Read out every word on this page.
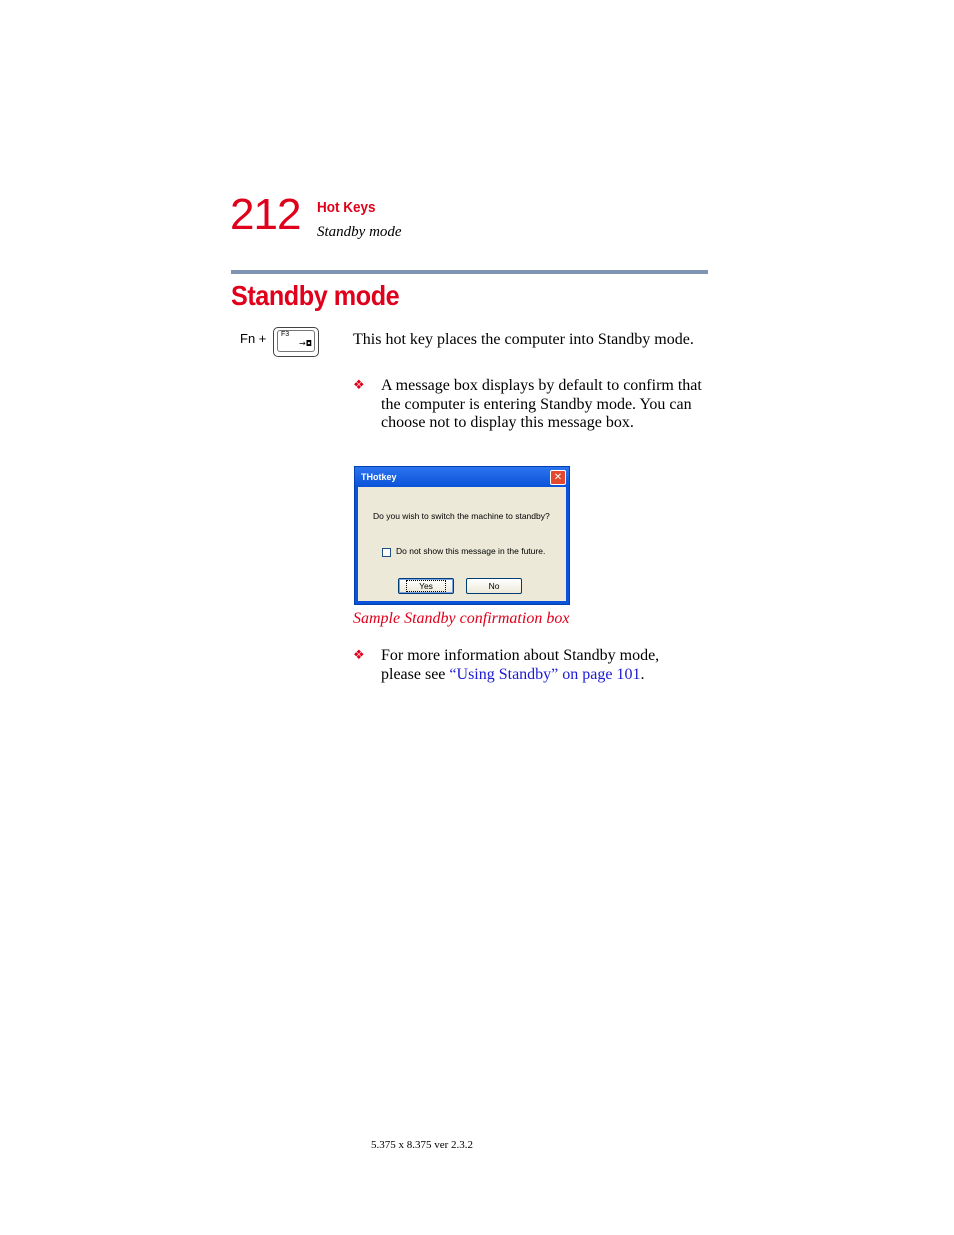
212 Hot Keys
Standby mode
Standby mode
Fn + F3
→◘	This hot key places the computer into Standby mode.
❖ A message box displays by default to confirm that the computer is entering Standby mode. You can choose not to display this message box.
THotkey	✕
Do you wish to switch the machine to standby?
Do not show this message in the future.
Yes	No
Sample Standby confirmation box
❖ For more information about Standby mode, please see “Using Standby” on page 101.
5.375 x 8.375 ver 2.3.2
